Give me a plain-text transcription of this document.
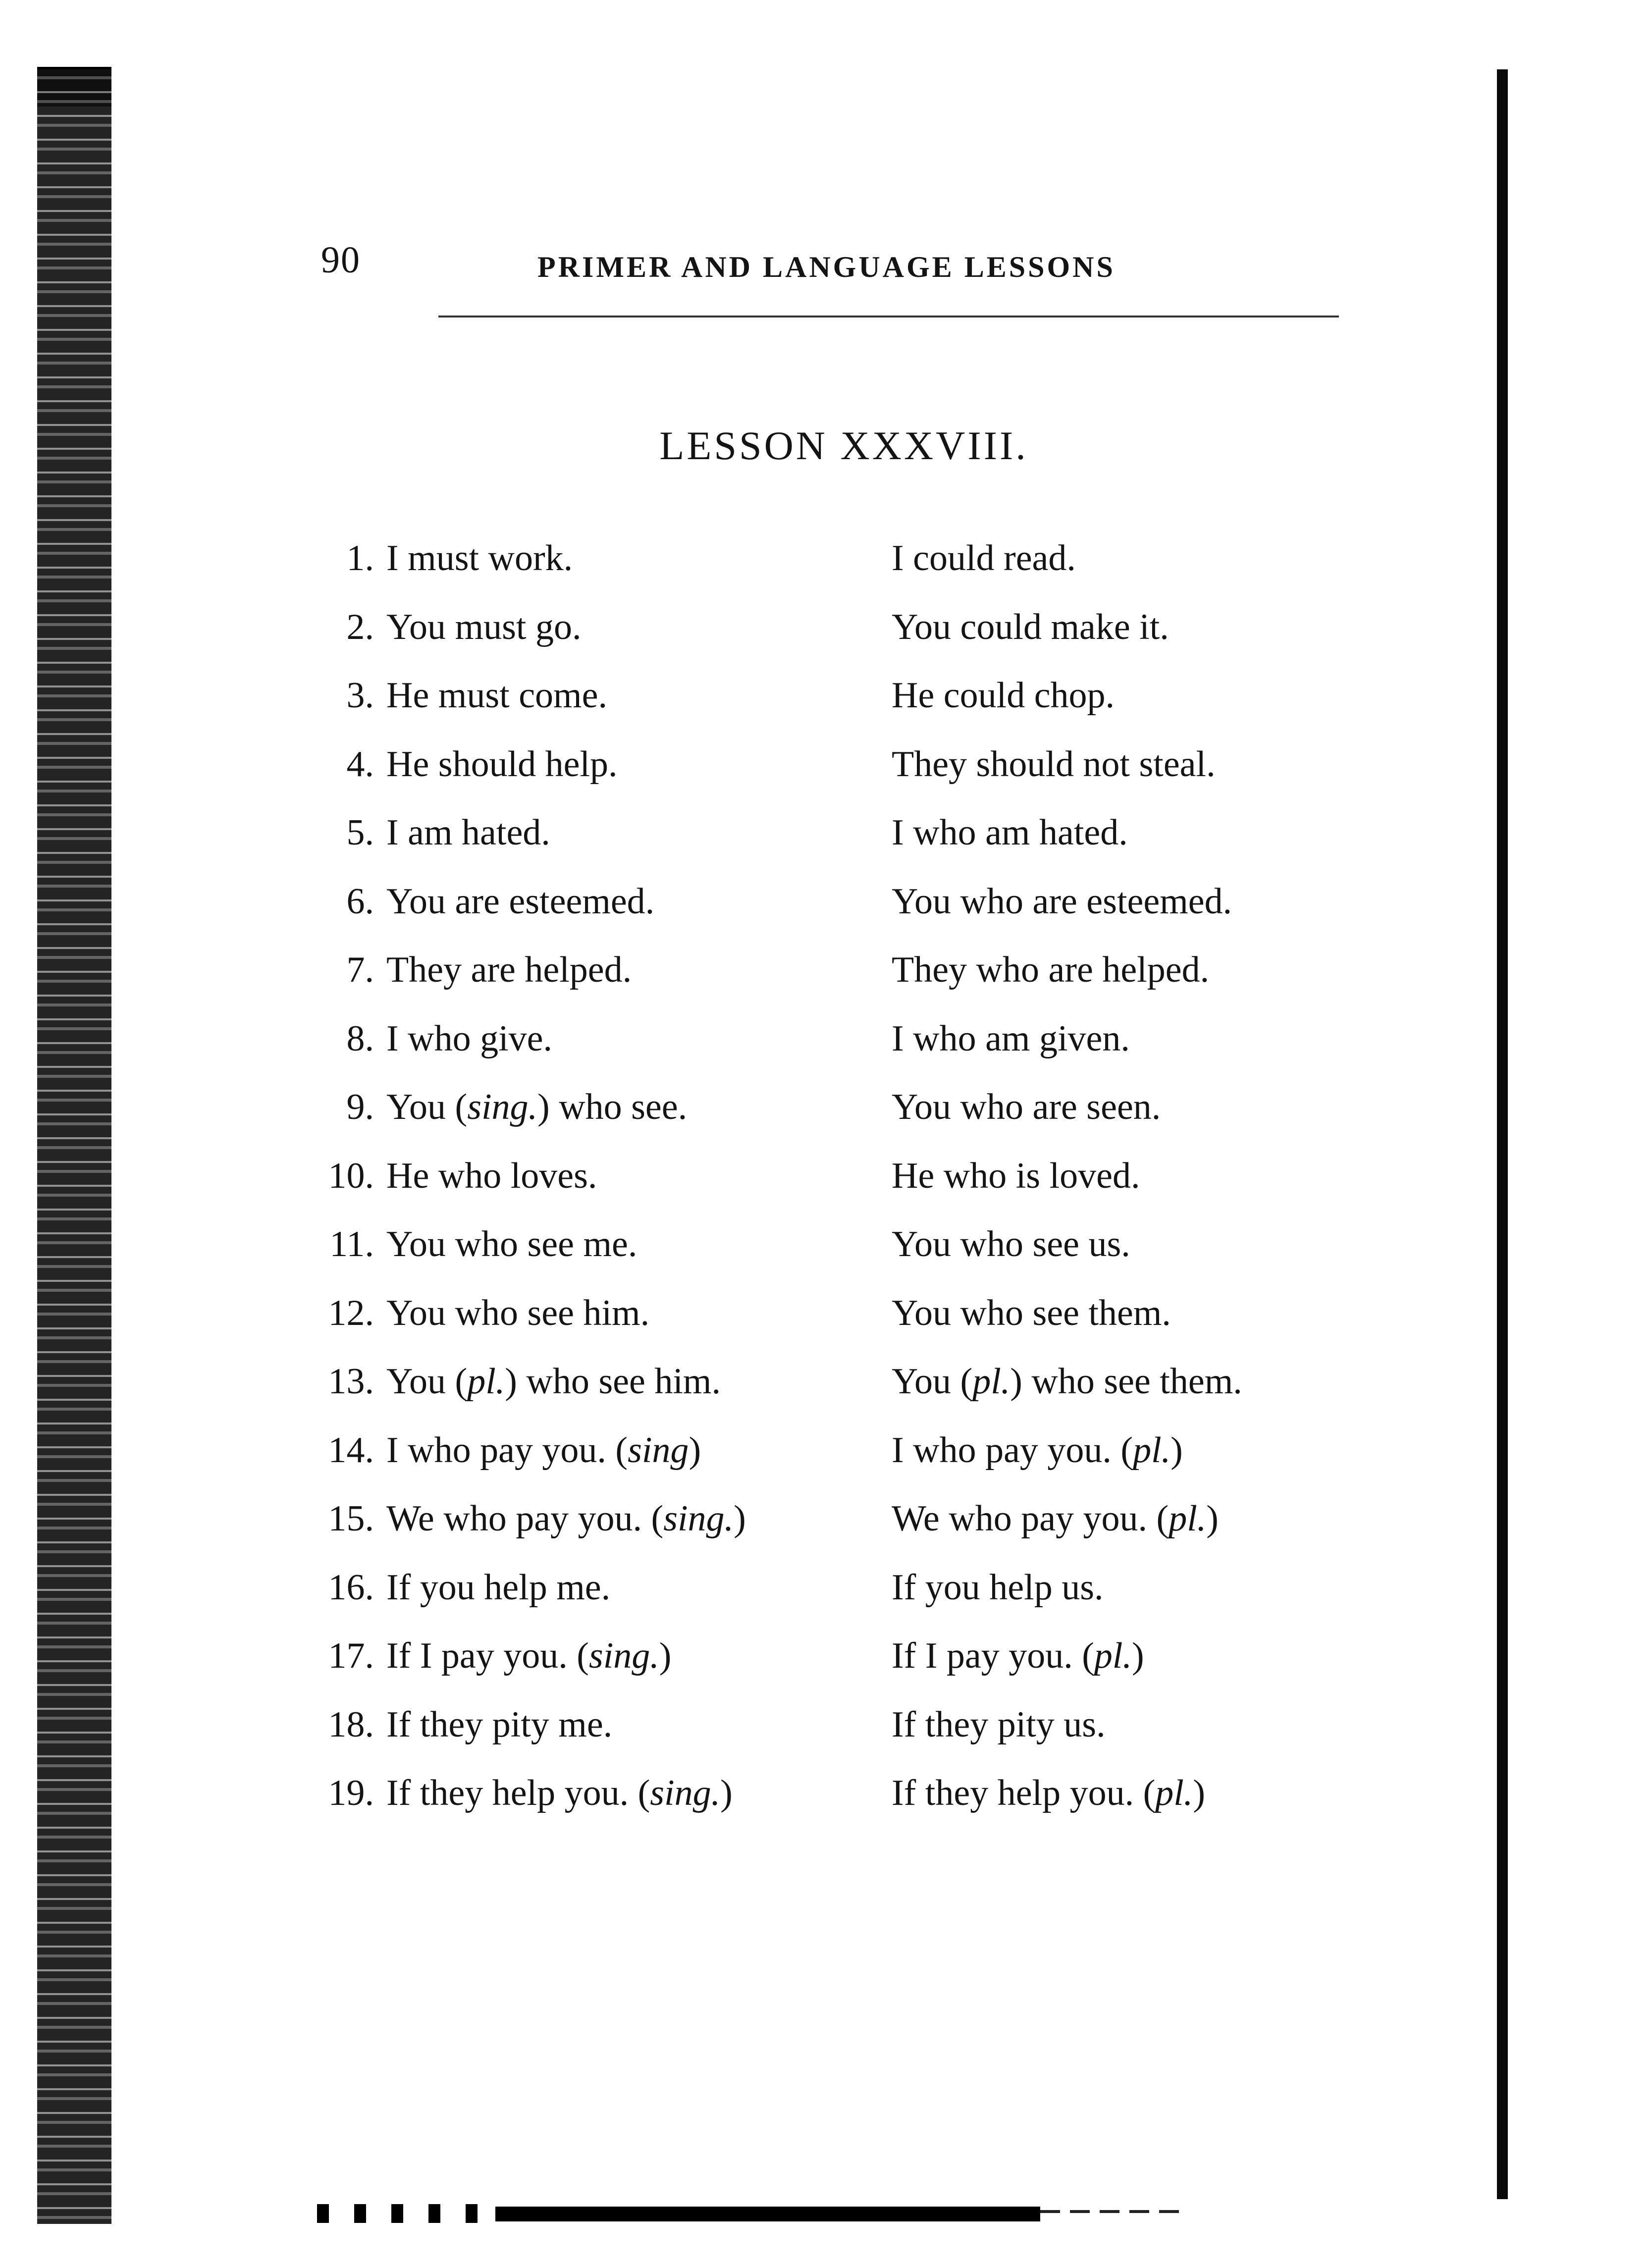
90	PRIMER AND LANGUAGE LESSONS
LESSON XXXVIII.
1. I must work.	I could read.
2. You must go.	You could make it.
3. He must come.	He could chop.
4. He should help.	They should not steal.
5. I am hated.	I who am hated.
6. You are esteemed.	You who are esteemed.
7. They are helped.	They who are helped.
8. I who give.	I who am given.
9. You (sing.) who see.	You who are seen.
10. He who loves.	He who is loved.
11. You who see me.	You who see us.
12. You who see him.	You who see them.
13. You (pl.) who see him.	You (pl.) who see them.
14. I who pay you. (sing)	I who pay you. (pl.)
15. We who pay you. (sing.)	We who pay you. (pl.)
16. If you help me.	If you help us.
17. If I pay you. (sing.)	If I pay you. (pl.)
18. If they pity me.	If they pity us.
19. If they help you. (sing.)	If they help you. (pl.)
